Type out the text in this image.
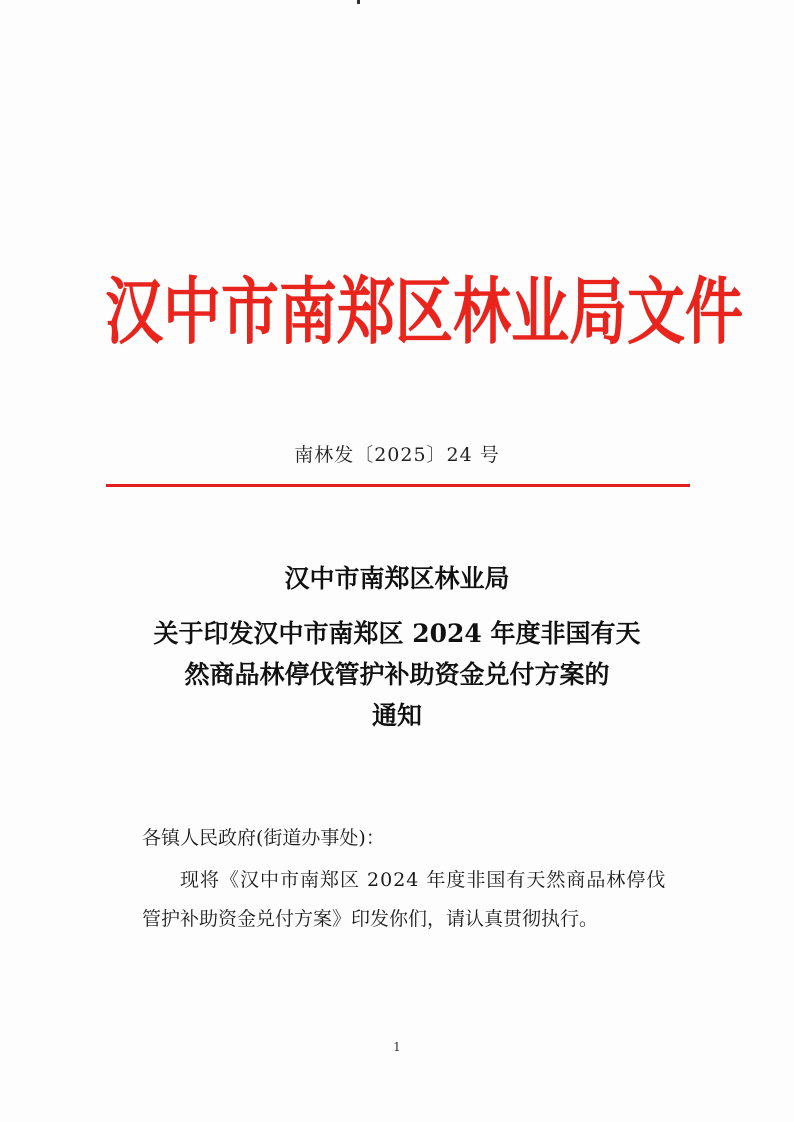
汉中市南郑区林业局文件
南林发〔2025〕24 号
汉中市南郑区林业局
关于印发汉中市南郑区 2024 年度非国有天
然商品林停伐管护补助资金兑付方案的
通知
各镇人民政府(街道办事处)：
现将《汉中市南郑区 2024 年度非国有天然商品林停伐
管护补助资金兑付方案》印发你们，请认真贯彻执行。
1
